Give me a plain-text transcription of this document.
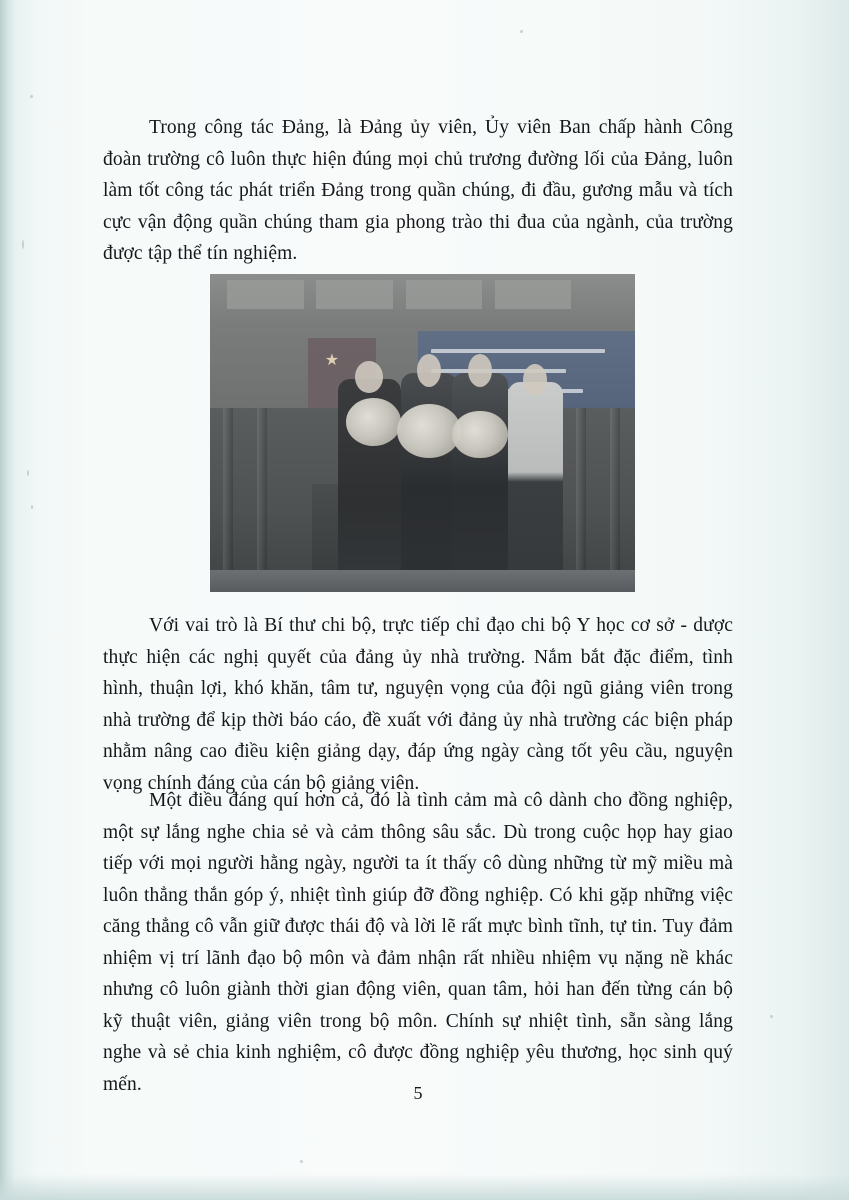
Trong công tác Đảng, là Đảng ủy viên, Ủy viên Ban chấp hành Công đoàn trường cô luôn thực hiện đúng mọi chủ trương đường lối của Đảng, luôn làm tốt công tác phát triển Đảng trong quần chúng, đi đầu, gương mẫu và tích cực vận động quần chúng tham gia phong trào thi đua của ngành, của trường được tập thể tín nghiệm.

★

Với vai trò là Bí thư chi bộ, trực tiếp chỉ đạo chi bộ Y học cơ sở - dược thực hiện các nghị quyết của đảng ủy nhà trường. Nắm bắt đặc điểm, tình hình, thuận lợi, khó khăn, tâm tư, nguyện vọng của đội ngũ giảng viên trong nhà trường để kịp thời báo cáo, đề xuất với đảng ủy nhà trường các biện pháp nhằm nâng cao điều kiện giảng dạy, đáp ứng ngày càng tốt yêu cầu, nguyện vọng chính đáng của cán bộ giảng viên.

Một điều đáng quí hơn cả, đó là tình cảm mà cô dành cho đồng nghiệp, một sự lắng nghe chia sẻ và cảm thông sâu sắc. Dù trong cuộc họp hay giao tiếp với mọi người hằng ngày, người ta ít thấy cô dùng những từ mỹ miều mà luôn thẳng thắn góp ý, nhiệt tình giúp đỡ đồng nghiệp. Có khi gặp những việc căng thẳng cô vẫn giữ được thái độ và lời lẽ rất mực bình tĩnh, tự tin. Tuy đảm nhiệm vị trí lãnh đạo bộ môn và đảm nhận rất nhiều nhiệm vụ nặng nề khác nhưng cô luôn giành thời gian động viên, quan tâm, hỏi han đến từng cán bộ kỹ thuật viên, giảng viên trong bộ môn. Chính sự nhiệt tình, sẵn sàng lắng nghe và sẻ chia kinh nghiệm, cô được đồng nghiệp yêu thương, học sinh quý mến.	5
